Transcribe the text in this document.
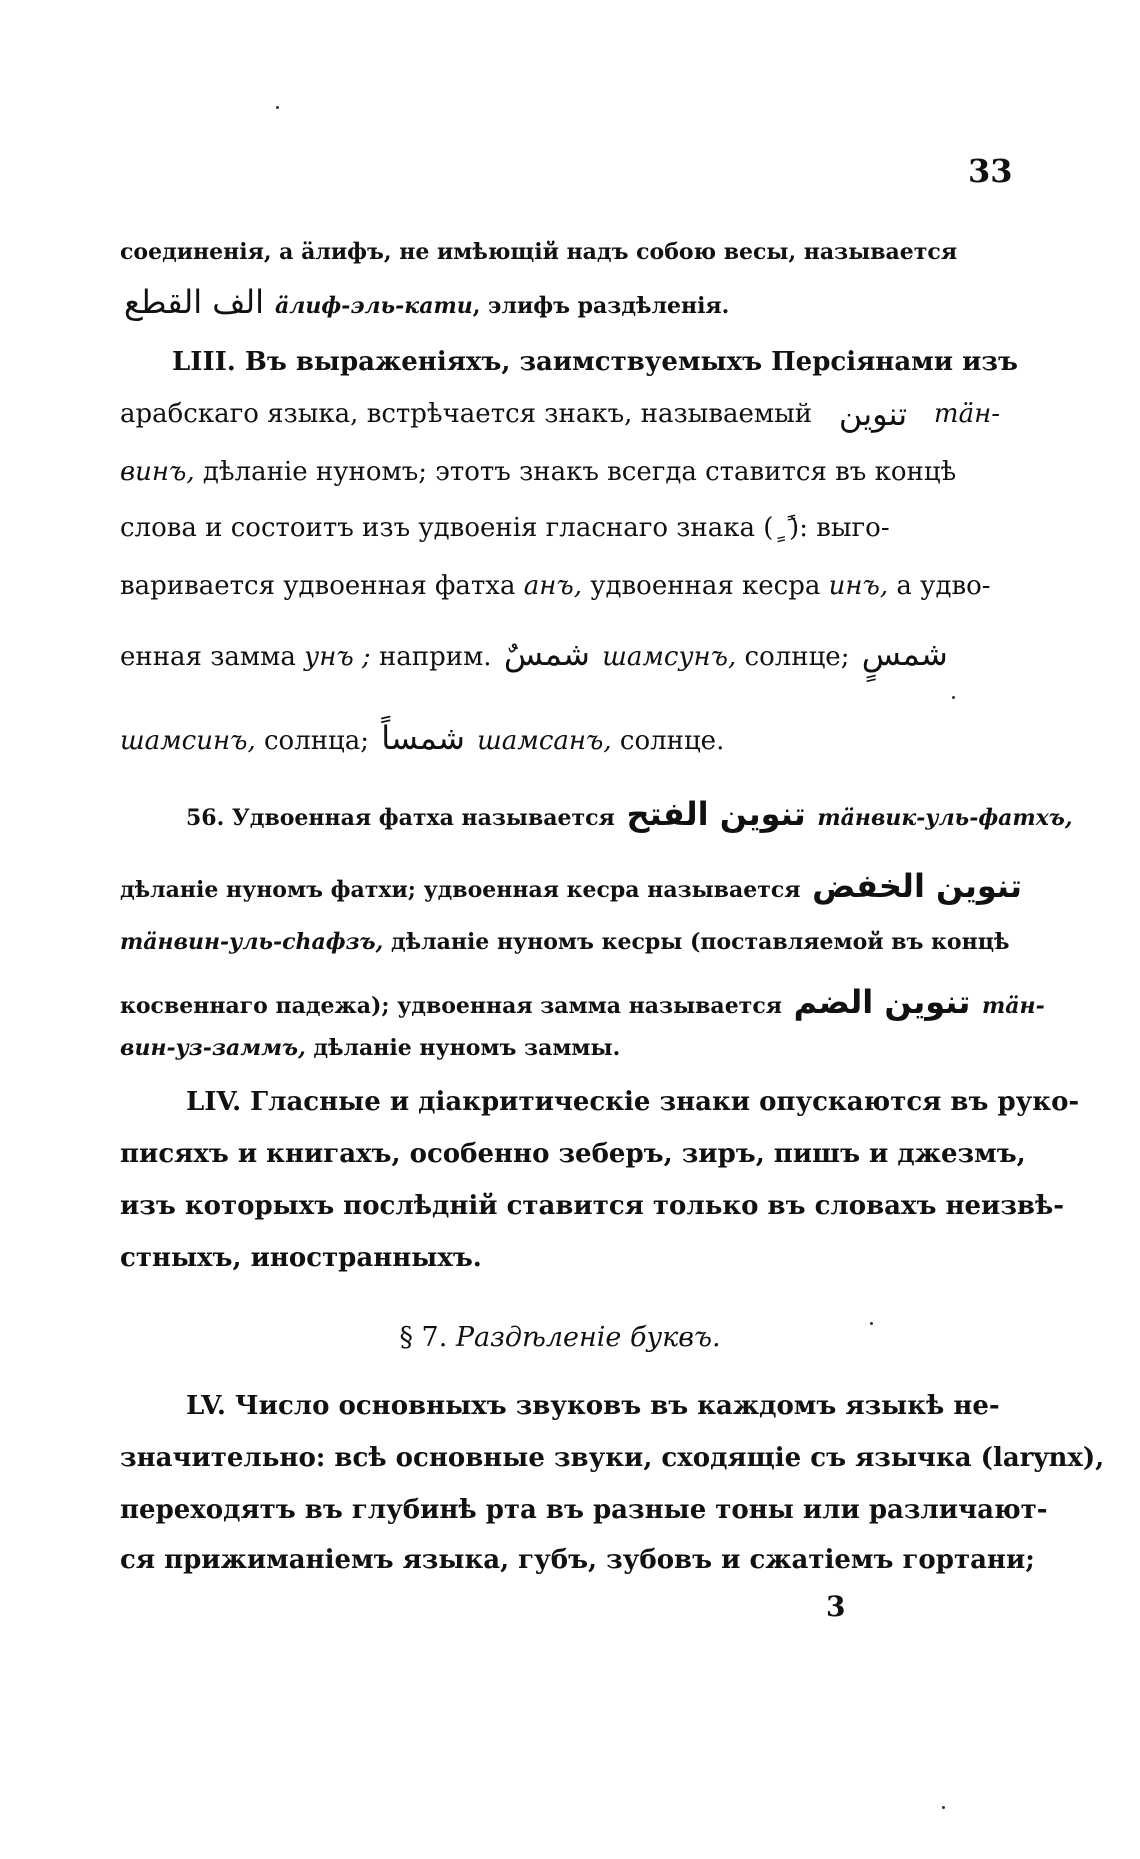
33
соединенія, а ӓлифъ, не имѣющій надъ собою весы, называется
الف القطع ӓлиф-эль-кати, элифъ раздѣленія.
LIII. Въ выраженіяхъ, заимствуемыхъ Персіянами изъ
арабскаго языка, встрѣчается знакъ, называемый تنوين тäн-
винъ, дѣланіе нуномъ; этотъ знакъ всегда ставится въ концѣ
слова и состоитъ изъ удвоенія гласнаго знака ( ً ٍ ): выго-
варивается удвоенная фатха анъ, удвоенная кесра инъ, а удво-
енная замма унъ ; наприм. شمسٌ шамсунъ, солнце; شمسٍ
шамсинъ, солнца; شمساً шамсанъ, солнце.
56. Удвоенная фатха называется تنوين الفتح тäнвик-уль-фатхъ,
дѣланіе нуномъ фатхи; удвоенная кесра называется تنوين الخفض
тäнвин-уль-сhафзъ, дѣланіе нуномъ кесры (поставляемой въ концѣ
косвеннаго падежа); удвоенная замма называется تنوين الضم тäн-
вин-уз-заммъ, дѣланіе нуномъ заммы.
LIV. Гласные и діакритическіе знаки опускаются въ руко-
писяхъ и книгахъ, особенно зеберъ, зиръ, пишъ и джезмъ,
изъ которыхъ послѣдній ставится только въ словахъ неизвѣ-
стныхъ, иностранныхъ.
§ 7. Раздѣленіе буквъ.
LV. Число основныхъ звуковъ въ каждомъ языкѣ не-
значительно: всѣ основные звуки, сходящіе съ язычка (larynx),
переходятъ въ глубинѣ рта въ разные тоны или различают-
ся прижиманіемъ языка, губъ, зубовъ и сжатіемъ гортани;
3
